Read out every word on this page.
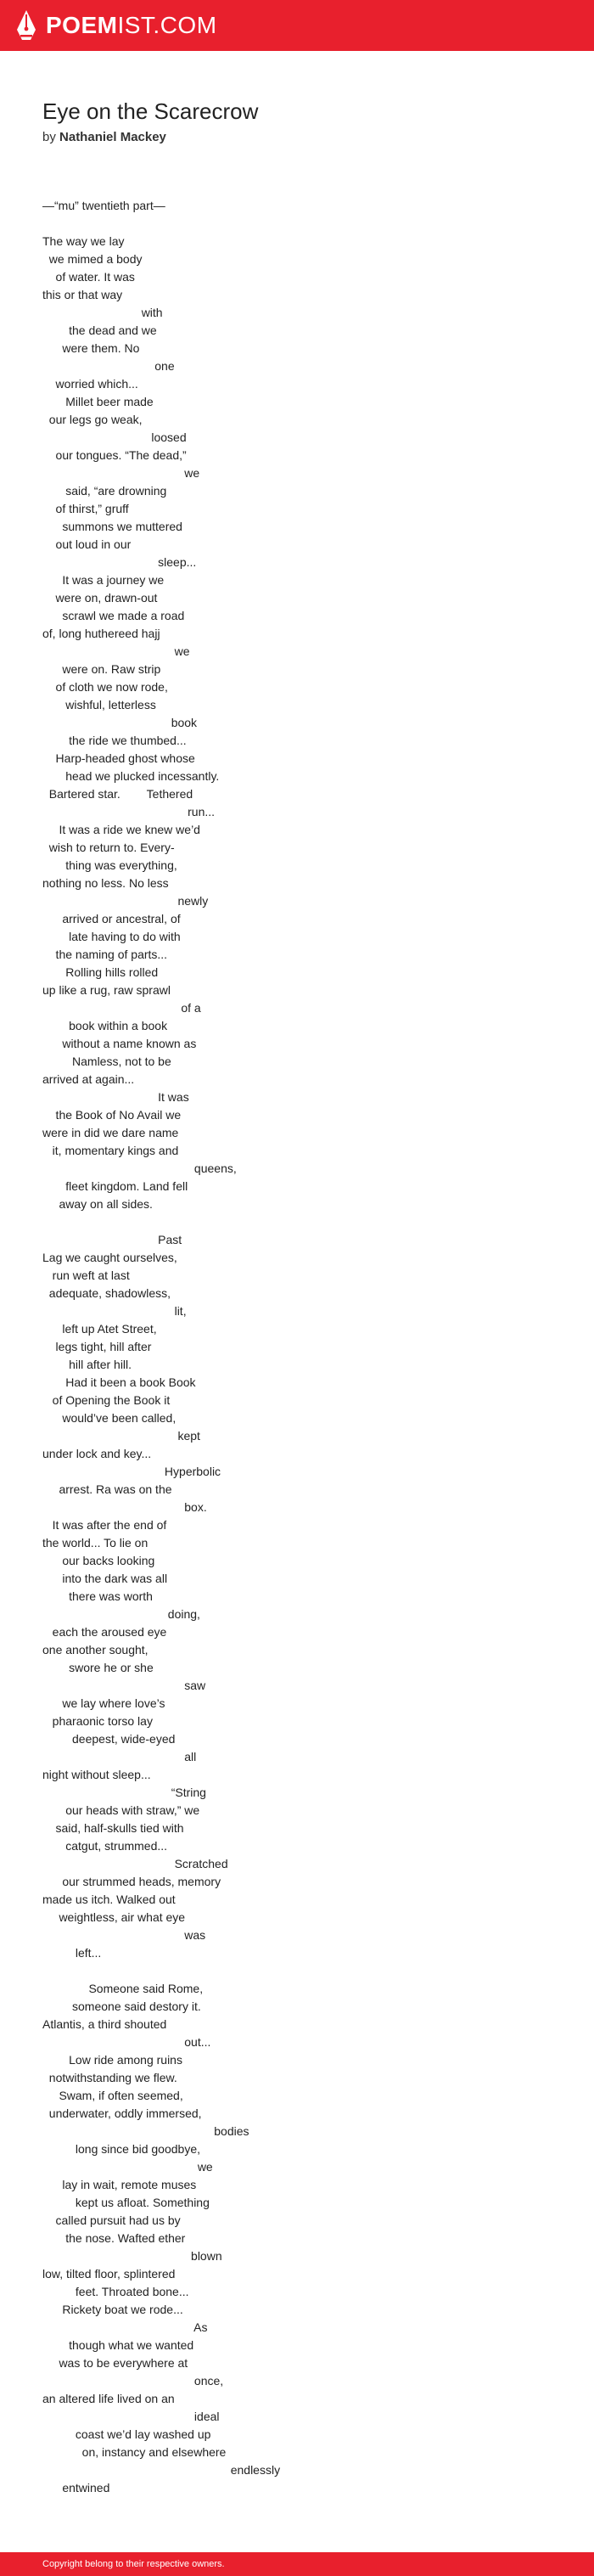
POEMIST.COM
Eye on the Scarecrow
by Nathaniel Mackey
—“mu” twentieth part—
The way we lay
we mimed a body
of water. It was
this or that way
with
the dead and we
were them. No
one
worried which...
Millet beer made
our legs go weak,
loosed
our tongues. “The dead,”
we
said, “are drowning
of thirst,” gruff
summons we muttered
out loud in our
sleep...
It was a journey we
were on, drawn-out
scrawl we made a road
of, long huthereed hajj
we
were on. Raw strip
of cloth we now rode,
wishful, letterless
book
the ride we thumbed...
Harp-headed ghost whose
head we plucked incessantly.
Bartered star.        Tethered
run...
It was a ride we knew we’d
wish to return to. Every-
thing was everything,
nothing no less. No less
newly
arrived or ancestral, of
late having to do with
the naming of parts...
Rolling hills rolled
up like a rug, raw sprawl
of a
book within a book
without a name known as
Namless, not to be
arrived at again...
It was
the Book of No Avail we
were in did we dare name
it, momentary kings and
queens,
fleet kingdom. Land fell
away on all sides.
Past
Lag we caught ourselves,
run weft at last
adequate, shadowless,
lit,
left up Atet Street,
legs tight, hill after
hill after hill.
Had it been a book Book
of Opening the Book it
would’ve been called,
kept
under lock and key...
Hyperbolic
arrest. Ra was on the
box.
It was after the end of
the world... To lie on
our backs looking
into the dark was all
there was worth
doing,
each the aroused eye
one another sought,
swore he or she
saw
we lay where love’s
pharaonic torso lay
deepest, wide-eyed
all
night without sleep...
“String
our heads with straw,” we
said, half-skulls tied with
catgut, strummed...
Scratched
our strummed heads, memory
made us itch. Walked out
weightless, air what eye
was
left...
Someone said Rome,
someone said destory it.
Atlantis, a third shouted
out...
Low ride among ruins
notwithstanding we flew.
Swam, if often seemed,
underwater, oddly immersed,
bodies
long since bid goodbye,
we
lay in wait, remote muses
kept us afloat. Something
called pursuit had us by
the nose. Wafted ether
blown
low, tilted floor, splintered
feet. Throated bone...
Rickety boat we rode...
As
though what we wanted
was to be everywhere at
once,
an altered life lived on an
ideal
coast we’d lay washed up
on, instancy and elsewhere
endlessly
entwined
Copyright belong to their respective owners.
